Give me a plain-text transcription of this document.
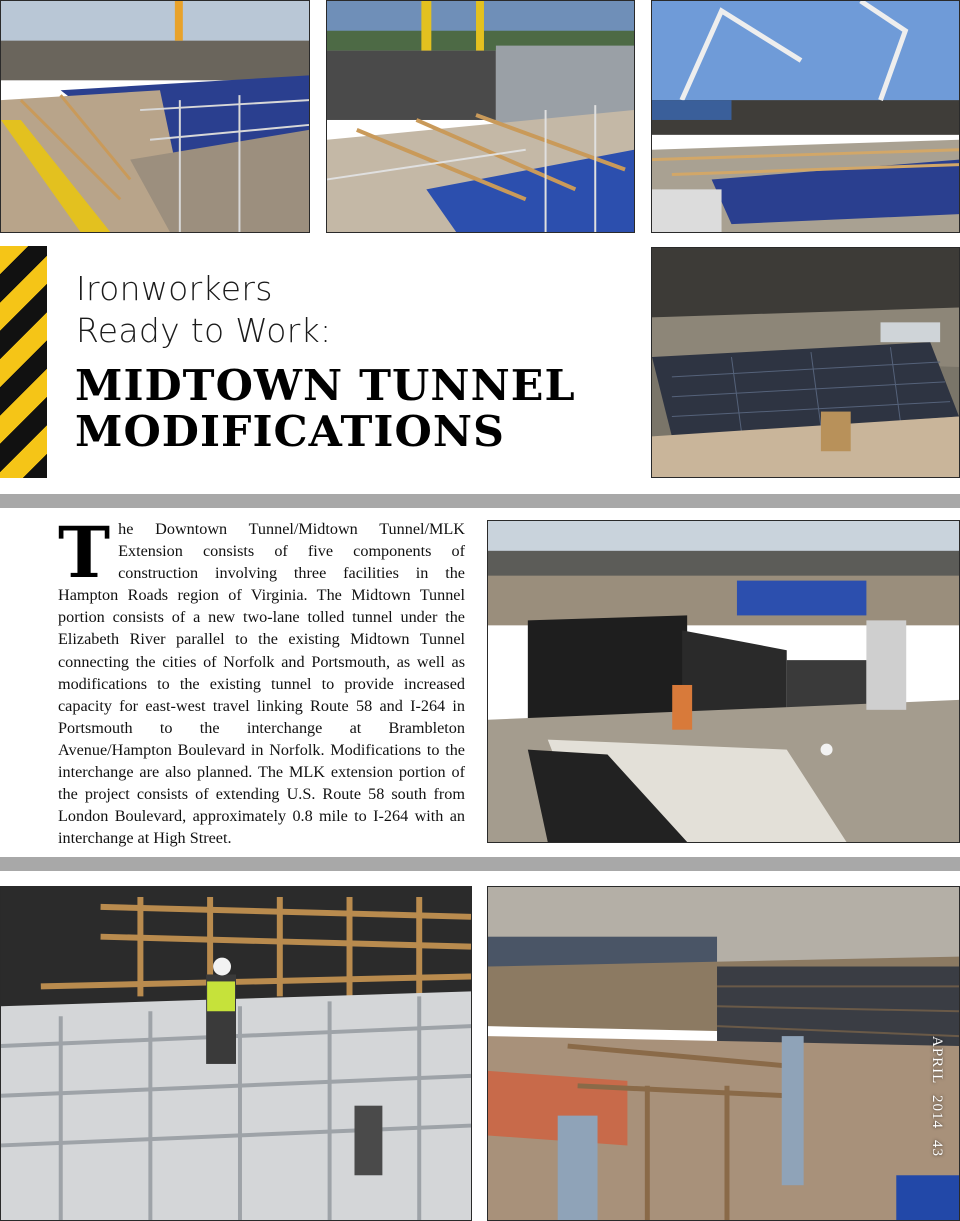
Ironworkers
Ready to Work:
MIDTOWN TUNNEL
MODIFICATIONS
The Downtown Tunnel/Midtown Tunnel/MLK Extension consists of five components of construction involving three facilities in the Hampton Roads region of Virginia. The Midtown Tunnel portion consists of a new two-lane tolled tunnel under the Elizabeth River parallel to the existing Midtown Tunnel connecting the cities of Norfolk and Portsmouth, as well as modifications to the existing tunnel to provide increased capacity for east-west travel linking Route 58 and I-264 in Portsmouth to the interchange at Brambleton Avenue/Hampton Boulevard in Norfolk. Modifications to the interchange are also planned. The MLK extension portion of the project consists of extending U.S. Route 58 south from London Boulevard, approximately 0.8 mile to I-264 with an interchange at High Street.
APRIL 2014 43
